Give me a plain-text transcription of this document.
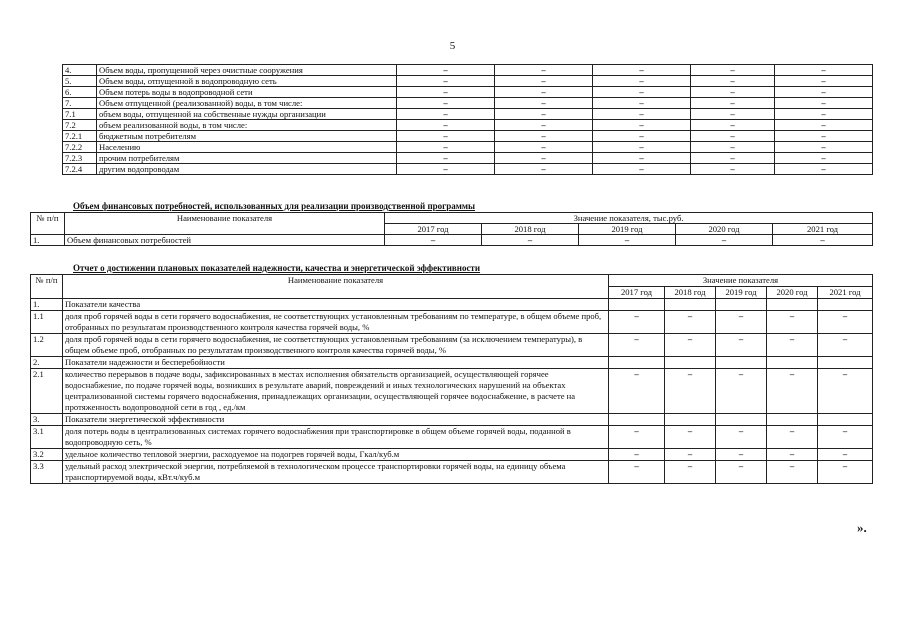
5
4.	Объем воды, пропущенной через очистные сооружения	–	–	–	–	–
5.	Объем воды, отпущенной в водопроводную сеть	–	–	–	–	–
6.	Объем потерь воды в водопроводной сети	–	–	–	–	–
7.	Объем отпущенной (реализованной) воды, в том числе:	–	–	–	–	–
7.1	объем воды, отпущенной на собственные нужды организации	–	–	–	–	–
7.2	объем реализованной воды, в том числе:	–	–	–	–	–
7.2.1	бюджетным потребителям	–	–	–	–	–
7.2.2	Населению	–	–	–	–	–
7.2.3	прочим потребителям	–	–	–	–	–
7.2.4	другим водопроводам	–	–	–	–	–
Объем финансовых потребностей, использованных для реализации производственной программы
№ п/п	Наименование показателя	Значение показателя, тыс.руб.				
		2017 год	2018 год	2019 год	2020 год	2021 год
1.	Объем финансовых потребностей	–	–	–	–	–
Отчет о достижении плановых показателей надежности, качества и энергетической эффективности
№ п/п	Наименование показателя	Значение показателя				
		2017 год	2018 год	2019 год	2020 год	2021 год
1.	Показатели качества					
1.1	доля проб горячей воды в сети горячего водоснабжения, не соответствующих установленным требованиям по температуре, в общем объеме проб, отобранных по результатам производственного контроля качества горячей воды, %	–	–	–	–	–
1.2	доля проб горячей воды в сети горячего водоснабжения, не соответствующих установленным требованиям (за исключением температуры), в общем объеме проб, отобранных по результатам производственного контроля качества горячей воды, %	–	–	–	–	–
2.	Показатели надежности и бесперебойности					
2.1	количество перерывов в подаче воды, зафиксированных в местах исполнения обязательств организацией, осуществляющей горячее водоснабжение, по подаче горячей воды, возникших в результате аварий, повреждений и иных технологических нарушений на объектах централизованной системы горячего водоснабжения, принадлежащих организации, осуществляющей горячее водоснабжение, в расчете на протяженность водопроводной сети в год , ед./км	–	–	–	–	–
3.	Показатели энергетической эффективности					
3.1	доля потерь воды в централизованных системах горячего водоснабжения при транспортировке в общем объеме горячей воды, поданной в водопроводную сеть, %	–	–	–	–	–
3.2	удельное количество тепловой энергии, расходуемое на подогрев горячей воды, Гкал/куб.м	–	–	–	–	–
3.3	удельный расход электрической энергии, потребляемой в технологическом процессе транспортировки горячей воды, на единицу объема транспортируемой воды, кВт.ч/куб.м	–	–	–	–	–
».
